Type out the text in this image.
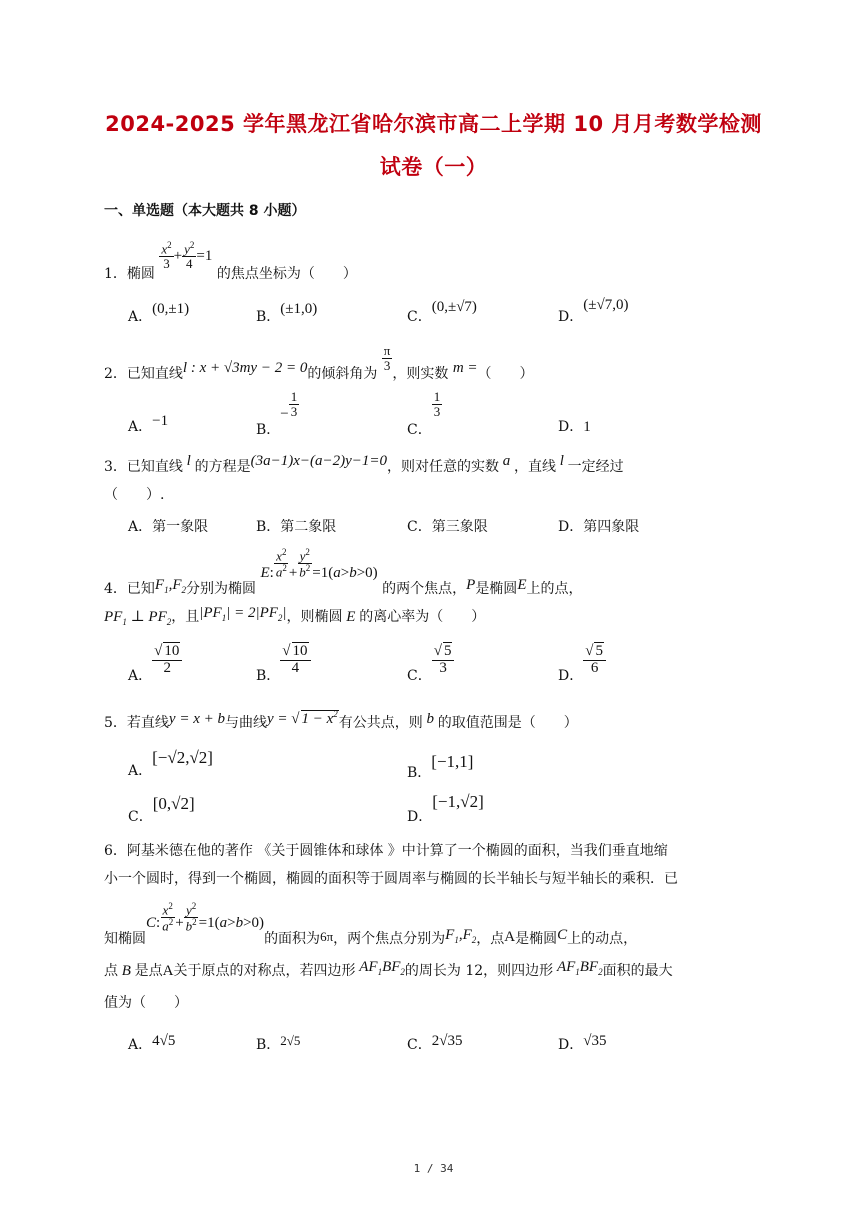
2024-2025 学年黑龙江省哈尔滨市高二上学期 10 月月考数学检测
试卷（一）
一、单选题（本大题共 8 小题）
1．椭圆
$\frac{x^2}{3} + \frac{y^2}{4} =1$ 的焦点坐标为（　　）
A．(0,±1)	B．(±1,0)	C．(0,±√7)
D．(±√7,0)
2．已知直线l : x + √3my − 2 = 0的倾斜角为
$\frac{\pi}{3}$
，则实数 m =（　　）
A．−1
B．− $\frac{1}{3}$
C．
$\frac{1}{3}$
D．1
3．已知直线 l 的方程是(3a−1)x−(a−2)y−1=0，则对任意的实数 a ，直线 l 一定经过
（　　）.
A．第一象限	B．第二象限	C．第三象限	D．第四象限
4．已知$F_1,F_2$分别为椭圆 E: $\frac{x^2}{a^2} + \frac{y^2}{b^2} =1(a>b>0)$ 的两个焦点，P是椭圆E上的点，
$PF_1$ ⊥ $PF_2$，且$|PF_1| = 2|PF_2|$，则椭圆 E 的离心率为（　　）
A． $\frac{√ 10}{2}$	B． $\frac{√ 10}{4}$	C． $\frac{√ 5}{3}$	D． $\frac{√ 5}{6}$
5．若直线y = x + b与曲线y = √ $1 - x^2$有公共点，则 b 的取值范围是（　　）
A．[−√2,√2]
B．[−1,1]
C．[0,√2]
D．[−1,√2]
6．阿基米德在他的著作 《关于圆锥体和球体 》中计算了一个椭圆的面积，当我们垂直地缩
小一个圆时，得到一个椭圆，椭圆的面积等于圆周率与椭圆的长半轴长与短半轴长的乘积．已
知椭圆C: $\frac{x^2}{a^2} + \frac{y^2}{b^2} =1(a>b>0)$的面积为6π，两个焦点分别为$F_1,F_2$，点A是椭圆C上的动点，
点 B 是点A关于原点的对称点，若四边形 $AF_1BF_2$的周长为 12，则四边形 $AF_1BF_2$面积的最大
值为（　　）
A．4√5	B．2√5	C．2√35	D．√35
1 / 34
